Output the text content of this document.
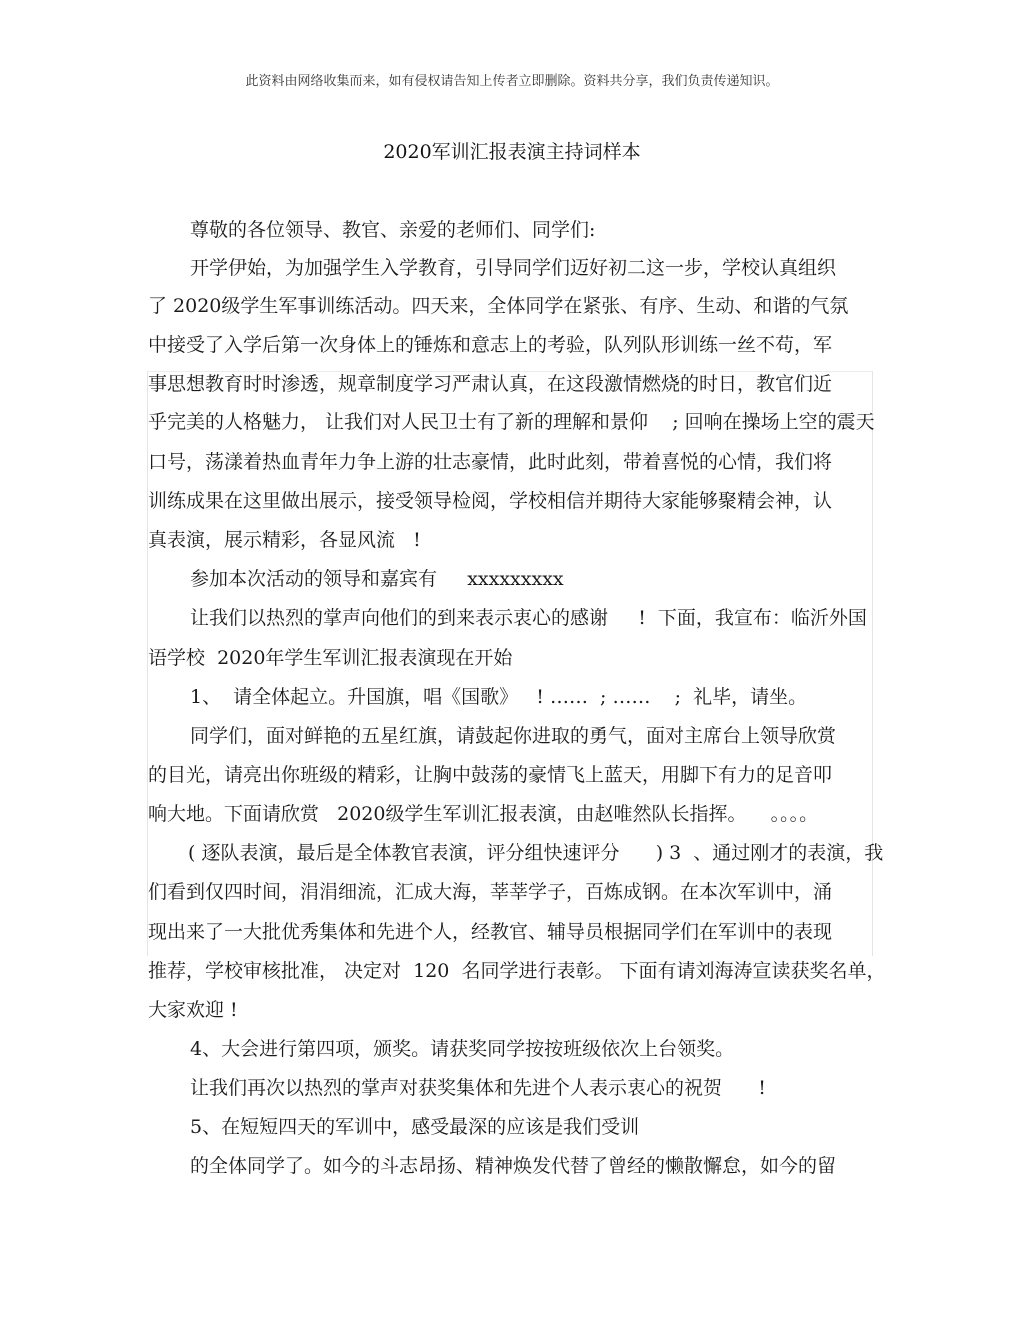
此资料由网络收集而来，如有侵权请告知上传者立即删除。资料共分享，我们负责传递知识。
2020军训汇报表演主持词样本
尊敬的各位领导、教官、亲爱的老师们、同学们:
开学伊始，为加强学生入学教育，引导同学们迈好初二这一步，学校认真组织
了 2020级学生军事训练活动。四天来，全体同学在紧张、有序、生动、和谐的气氛
中接受了入学后第一次身体上的锤炼和意志上的考验，队列队形训练一丝不苟，军
事思想教育时时渗透，规章制度学习严肃认真，在这段激情燃烧的时日，教官们近
乎完美的人格魅力， 让我们对人民卫士有了新的理解和景仰    ; 回响在操场上空的震天
口号，荡漾着热血青年力争上游的壮志豪情，此时此刻，带着喜悦的心情，我们将
训练成果在这里做出展示，接受领导检阅，学校相信并期待大家能够聚精会神，认
真表演，展示精彩，各显风流   !
参加本次活动的领导和嘉宾有     xxxxxxxxx
让我们以热烈的掌声向他们的到来表示衷心的感谢     !  下面，我宣布：临沂外国
语学校  2020年学生军训汇报表演现在开始
1、  请全体起立。升国旗，唱《国歌》   ! ……  ; ……    ;  礼毕，请坐。
同学们，面对鲜艳的五星红旗，请鼓起你进取的勇气，面对主席台上领导欣赏
的目光，请亮出你班级的精彩，让胸中鼓荡的豪情飞上蓝天，用脚下有力的足音叩
响大地。下面请欣赏   2020级学生军训汇报表演，由赵唯然队长指挥。    。。。。
( 逐队表演，最后是全体教官表演，评分组快速评分      ) 3  、通过刚才的表演，我
们看到仅四时间，涓涓细流，汇成大海，莘莘学子，百炼成钢。在本次军训中，涌
现出来了一大批优秀集体和先进个人，经教官、辅导员根据同学们在军训中的表现
推荐，学校审核批准， 决定对  120  名同学进行表彰。 下面有请刘海涛宣读获奖名单，
大家欢迎 !
4、大会进行第四项，颁奖。请获奖同学按按班级依次上台领奖。
让我们再次以热烈的掌声对获奖集体和先进个人表示衷心的祝贺      !
5、在短短四天的军训中，感受最深的应该是我们受训
的全体同学了。如今的斗志昂扬、精神焕发代替了曾经的懒散懈怠，如今的留
